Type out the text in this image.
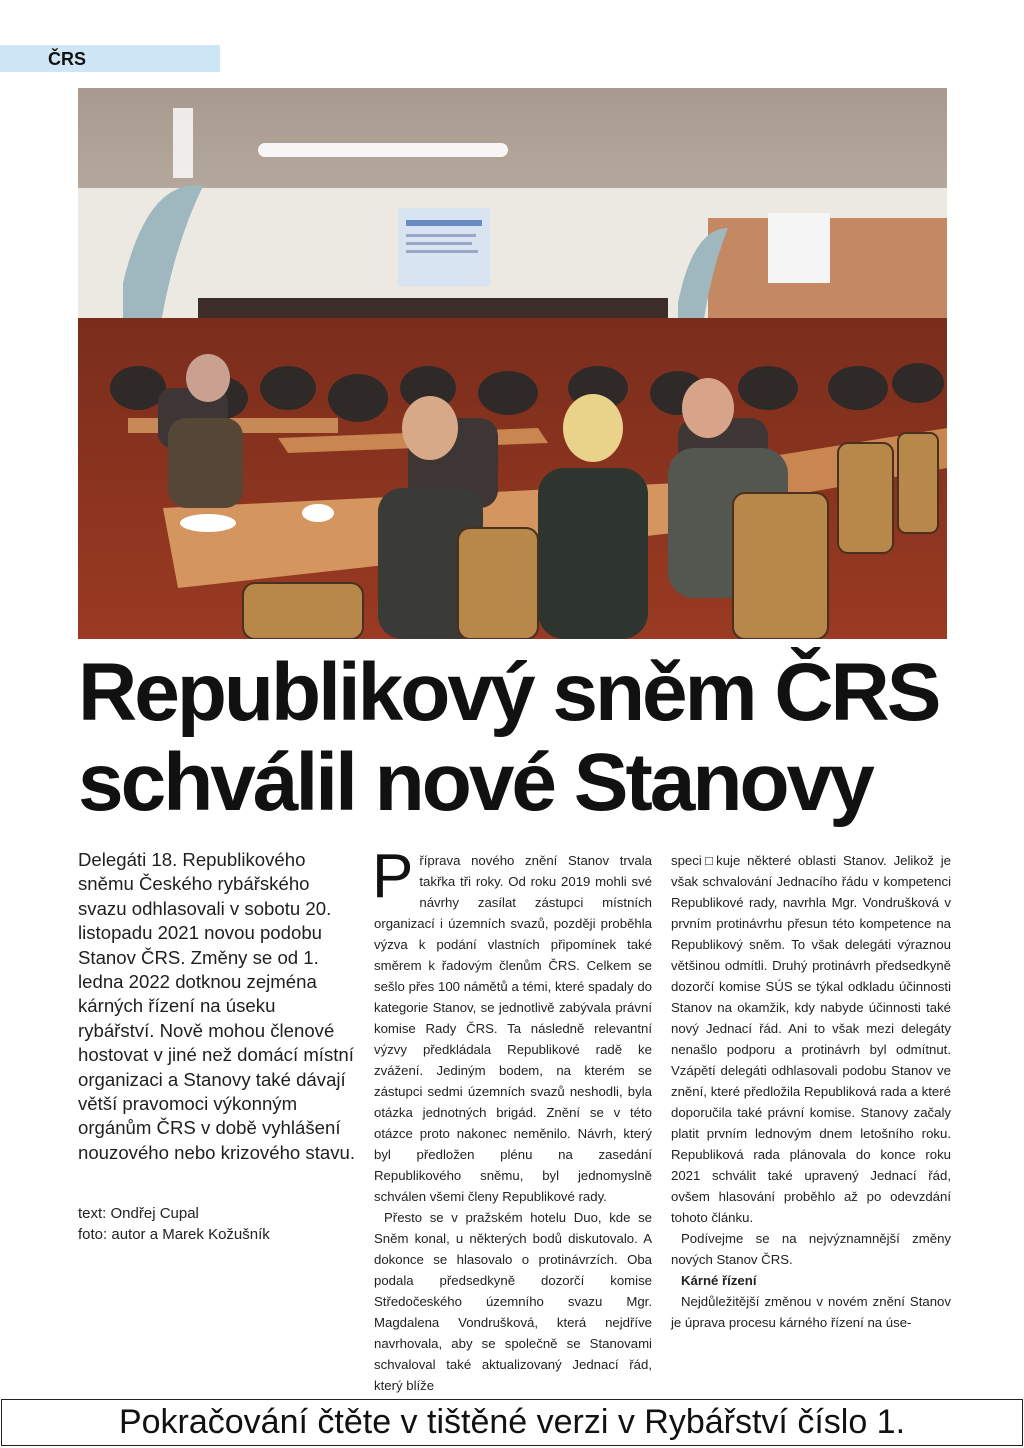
ČRS
Republikový sněm ČRS
schválil nové Stanovy

Delegáti 18. Republikového sněmu Českého rybářského svazu odhlasovali v sobotu 20. listopadu 2021 novou podobu Stanov ČRS. Změny se od 1. ledna 2022 dotknou zejména kárných řízení na úseku rybářství. Nově mohou členové hostovat v jiné než domácí místní organizaci a Stanovy také dávají větší pravomoci výkonným orgánům ČRS v době vyhlášení nouzového nebo krizového stavu.

text: Ondřej Cupal
foto: autor a Marek Kožušník

Příprava nového znění Stanov trvala takřka tři roky. Od roku 2019 mohli své návrhy zasílat zástupci místních organizací i územních svazů, později proběhla výzva k podání vlastních připomínek také směrem k řadovým členům ČRS. Celkem se sešlo přes 100 námětů a témi, které spadaly do kategorie Stanov, se jednotlivě zabývala právní komise Rady ČRS. Ta následně relevantní výzvy předkládala Republikové radě ke zvážení. Jediným bodem, na kterém se zástupci sedmi územních svazů neshodli, byla otázka jednotných brigád. Znění se v této otázce proto nakonec neměnilo. Návrh, který byl předložen plénu na zasedání Republikového sněmu, byl jednomyslně schválen všemi členy Republikové rady.

Přesto se v pražském hotelu Duo, kde se Sněm konal, u některých bodů diskutovalo. A dokonce se hlasovalo o protinávrzích. Oba podala předsedkyně dozorčí komise Středočeského územního svazu Mgr. Magdalena Vondrušková, která nejdříve navrhovala, aby se společně se Stanovami schvaloval také aktualizovaný Jednací řád, který blíže

speci□kuje některé oblasti Stanov. Jelikož je však schvalování Jednacího řádu v kompetenci Republikové rady, navrhla Mgr. Vondrušková v prvním protinávrhu přesun této kompetence na Republikový sněm. To však delegáti výraznou většinou odmítli. Druhý protinávrh předsedkyně dozorčí komise SÚS se týkal odkladu účinnosti Stanov na okamžik, kdy nabyde účinnosti také nový Jednací řád. Ani to však mezi delegáty nenašlo podporu a protinávrh byl odmítnut. Vzápětí delegáti odhlasovali podobu Stanov ve znění, které předložila Republiková rada a které doporučila také právní komise. Stanovy začaly platit prvním lednovým dnem letošního roku. Republiková rada plánovala do konce roku 2021 schválit také upravený Jednací řád, ovšem hlasování proběhlo až po odevzdání tohoto článku.

Podívejme se na nejvýznamnější změny nových Stanov ČRS.

Kárné řízení

Nejdůležitější změnou v novém znění Stanov je úprava procesu kárného řízení na úse-

Pokračování čtěte v tištěné verzi v Rybářství číslo 1.
